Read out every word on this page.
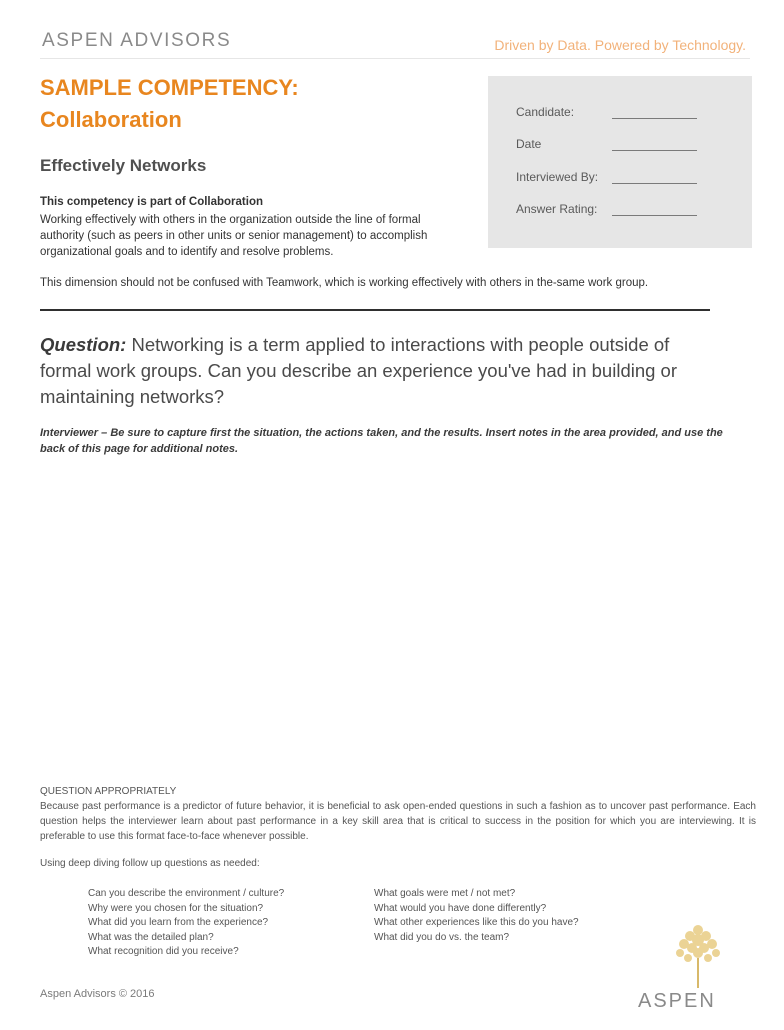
ASPEN ADVISORS	Driven by Data. Powered by Technology.
SAMPLE COMPETENCY:
Collaboration
Effectively Networks
This competency is part of Collaboration
Working effectively with others in the organization outside the line of formal authority (such as peers in other units or senior management) to accomplish organizational goals and to identify and resolve problems.
This dimension should not be confused with Teamwork, which is working effectively with others in the-same work group.
Candidate:
Date
Interviewed By:
Answer Rating:
Question: Networking is a term applied to interactions with people outside of formal work groups. Can you describe an experience you've had in building or maintaining networks?
Interviewer – Be sure to capture first the situation, the actions taken, and the results. Insert notes in the area provided, and use the back of this page for additional notes.
QUESTION APPROPRIATELY
Because past performance is a predictor of future behavior, it is beneficial to ask open-ended questions in such a fashion as to uncover past performance. Each question helps the interviewer learn about past performance in a key skill area that is critical to success in the position for which you are interviewing. It is preferable to use this format face-to-face whenever possible.
Using deep diving follow up questions as needed:
Can you describe the environment / culture?
Why were you chosen for the situation?
What did you learn from the experience?
What was the detailed plan?
What recognition did you receive?
What goals were met / not met?
What would you have done differently?
What other experiences like this do you have?
What did you do vs. the team?
Aspen Advisors © 2016	ASPEN
